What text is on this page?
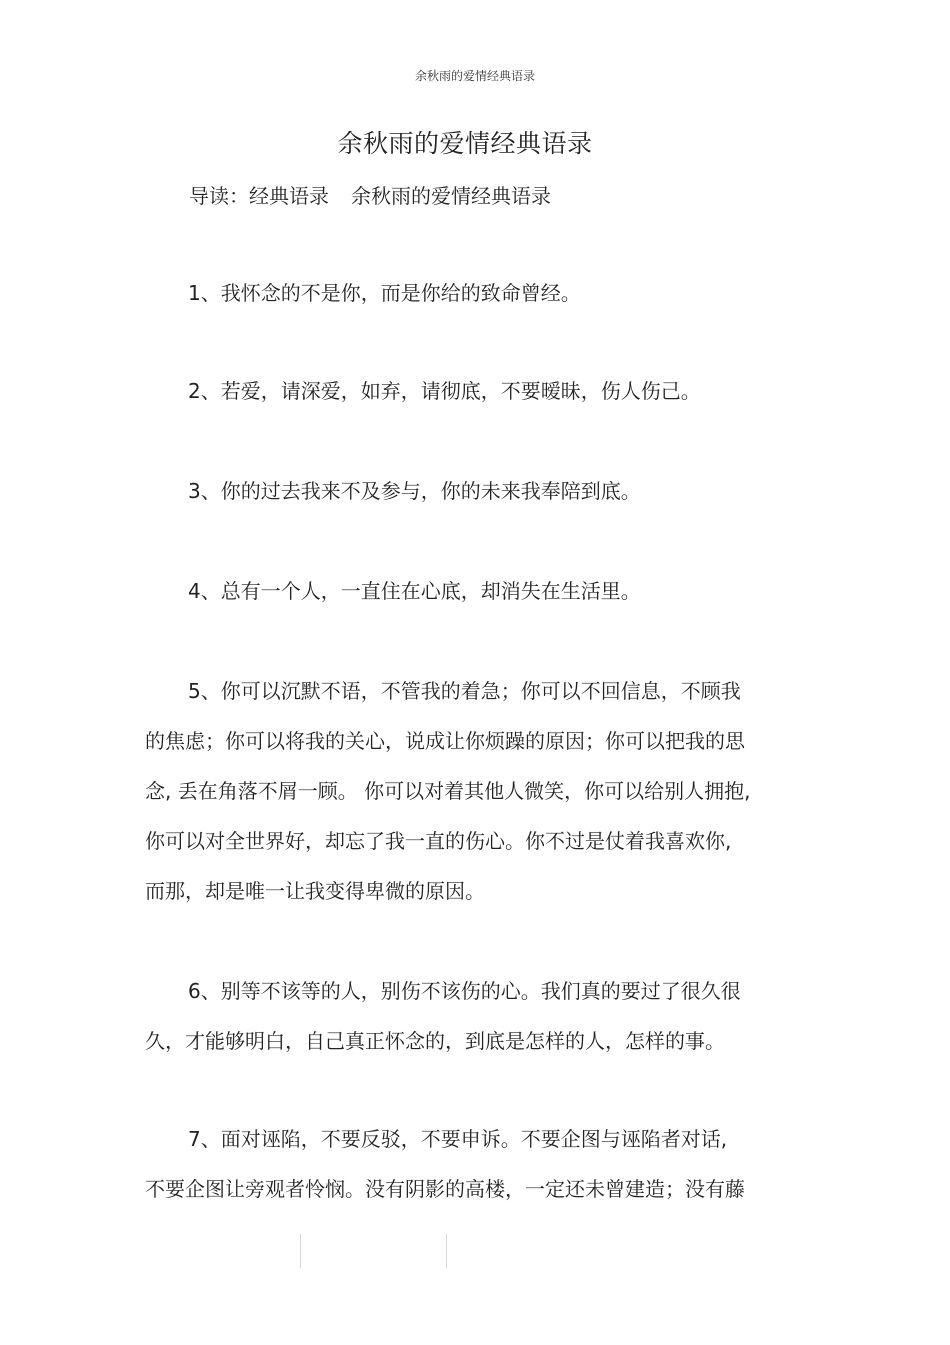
余秋雨的爱情经典语录
余秋雨的爱情经典语录
导读：经典语录 余秋雨的爱情经典语录
1、我怀念的不是你，而是你给的致命曾经。
2、若爱，请深爱，如弃，请彻底，不要暧昧，伤人伤己。
3、你的过去我来不及参与，你的未来我奉陪到底。
4、总有一个人，一直住在心底，却消失在生活里。
5、你可以沉默不语，不管我的着急；你可以不回信息，不顾我
的焦虑；你可以将我的关心，说成让你烦躁的原因；你可以把我的思
念, 丢在角落不屑一顾。 你可以对着其他人微笑，你可以给别人拥抱,
你可以对全世界好，却忘了我一直的伤心。你不过是仗着我喜欢你,
而那，却是唯一让我变得卑微的原因。
6、别等不该等的人，别伤不该伤的心。我们真的要过了很久很
久，才能够明白，自己真正怀念的，到底是怎样的人，怎样的事。
7、面对诬陷，不要反驳，不要申诉。不要企图与诬陷者对话,
不要企图让旁观者怜悯。没有阴影的高楼，一定还未曾建造；没有藤
